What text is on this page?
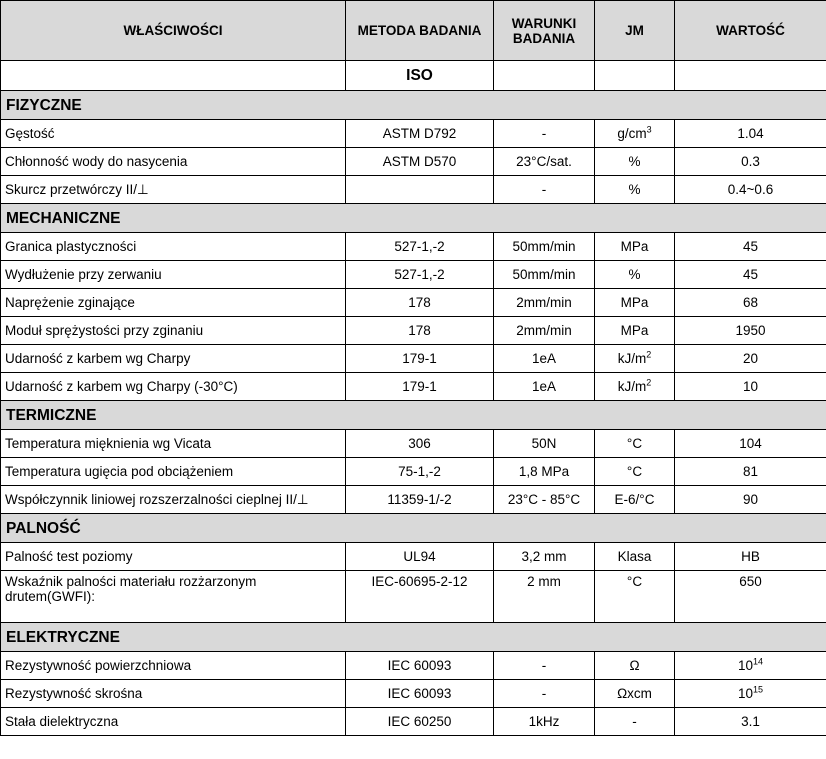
WŁAŚCIWOŚCI	METODA BADANIA	WARUNKI BADANIA	JM	WARTOŚĆ
	ISO			
FIZYCZNE				
Gęstość	ASTM D792	-	$g/cm^3$	1.04
Chłonność wody do nasycenia	ASTM D570	23°C/sat.	%	0.3
Skurcz przetwórczy II/⊥		-	%	0.4~0.6
MECHANICZNE				
Granica plastyczności	527-1,-2	50mm/min	MPa	45
Wydłużenie przy zerwaniu	527-1,-2	50mm/min	%	45
Naprężenie zginające	178	2mm/min	MPa	68
Moduł sprężystości przy zginaniu	178	2mm/min	MPa	1950
Udarność z karbem wg Charpy	179-1	1eA	$kJ/m^2$	20
Udarność z karbem wg Charpy (-30°C)	179-1	1eA	$kJ/m^2$	10
TERMICZNE				
Temperatura mięknienia wg Vicata	306	50N	°C	104
Temperatura ugięcia pod obciążeniem	75-1,-2	1,8 MPa	°C	81
Współczynnik liniowej rozszerzalności cieplnej II/⊥	11359-1/-2	23°C - 85°C	E-6/°C	90
PALNOŚĆ				
Palność test poziomy	UL94	3,2 mm	Klasa	HB
Wskaźnik palności materiału rozżarzonym drutem(GWFI):	IEC-60695-2-12	2 mm	°C	650
ELEKTRYCZNE				
Rezystywność powierzchniowa	IEC 60093	-	Ω	$10^{14}$
Rezystywność skrośna	IEC 60093	-	Ωxcm	$10^{15}$
Stała dielektryczna	IEC 60250	1kHz	-	3.1
